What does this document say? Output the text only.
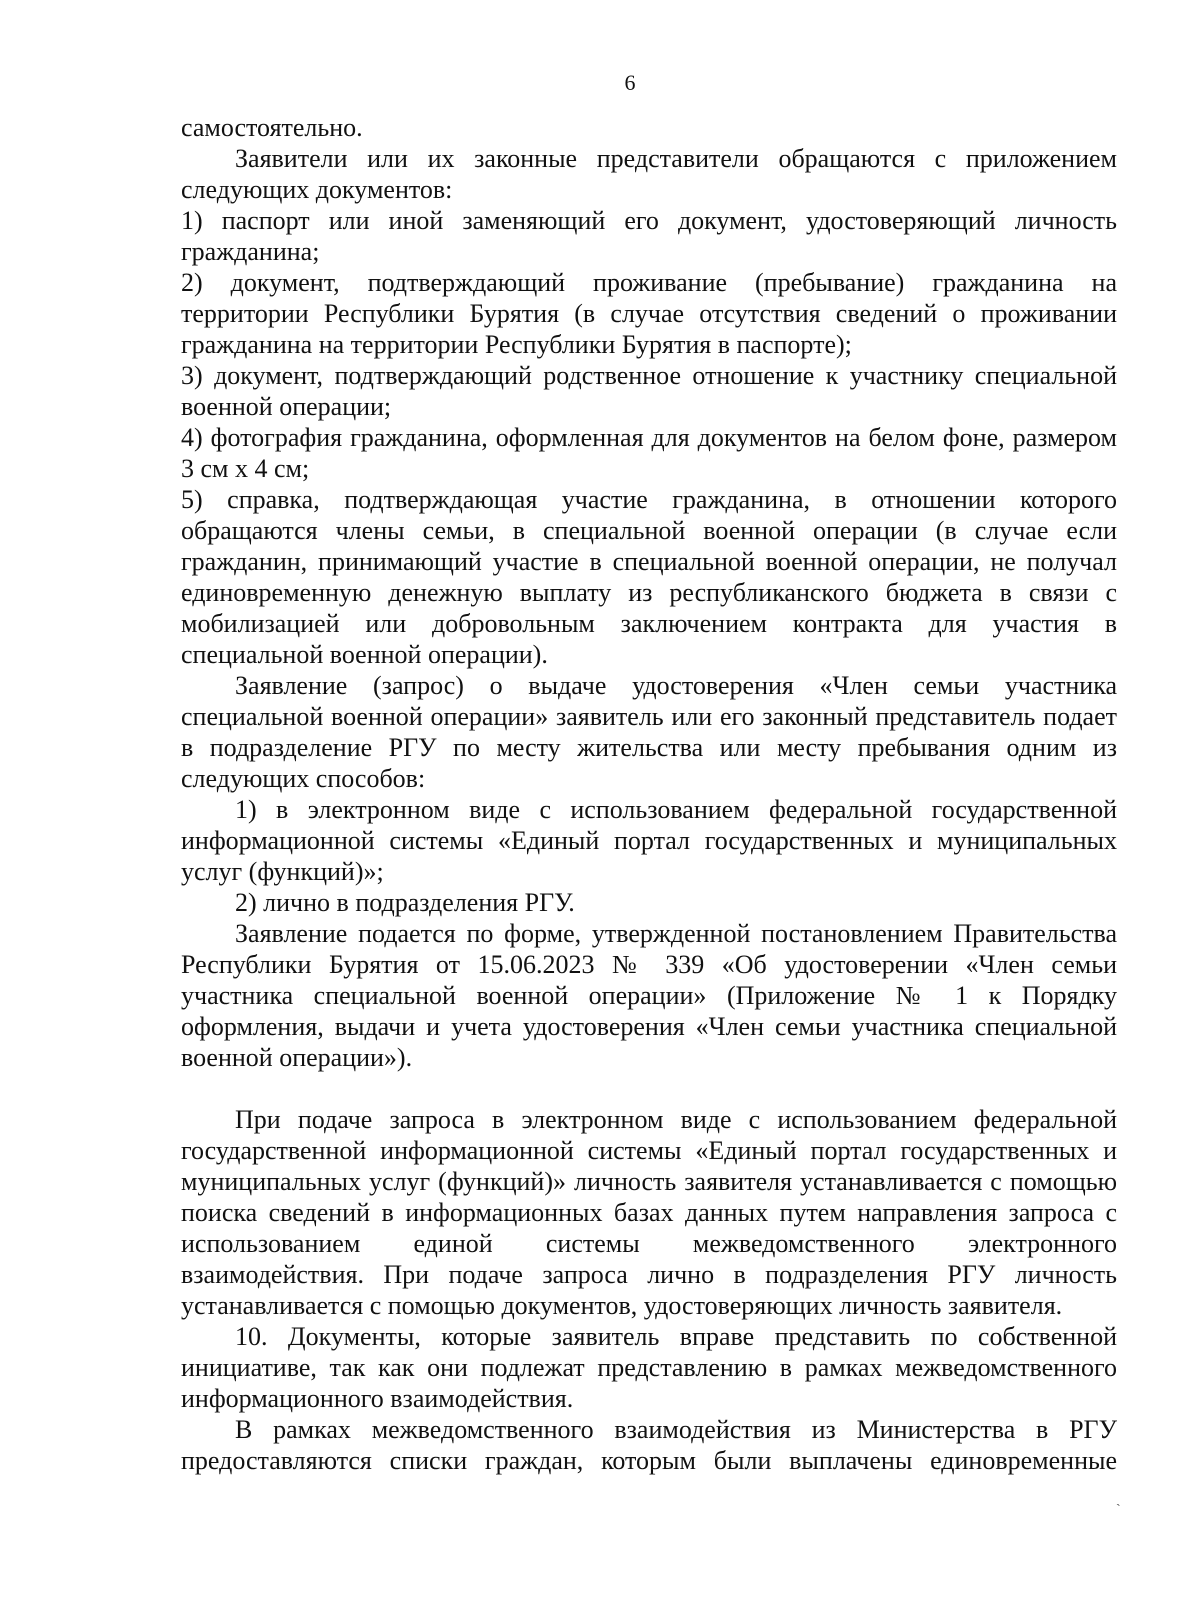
6

самостоятельно.

Заявители или их законные представители обращаются с приложением следующих документов:

1) паспорт или иной заменяющий его документ, удостоверяющий личность гражданина;

2) документ, подтверждающий проживание (пребывание) гражданина на территории Республики Бурятия (в случае отсутствия сведений о проживании гражданина на территории Республики Бурятия в паспорте);

3) документ, подтверждающий родственное отношение к участнику специальной военной операции;

4) фотография гражданина, оформленная для документов на белом фоне, размером 3 см х 4 см;

5) справка, подтверждающая участие гражданина, в отношении которого обращаются члены семьи, в специальной военной операции (в случае если гражданин, принимающий участие в специальной военной операции, не получал единовременную денежную выплату из республиканского бюджета в связи с мобилизацией или добровольным заключением контракта для участия в специальной военной операции).

Заявление (запрос) о выдаче удостоверения «Член семьи участника специальной военной операции» заявитель или его законный представитель подает в подразделение РГУ по месту жительства или месту пребывания одним из следующих способов:

1) в электронном виде с использованием федеральной государственной информационной системы «Единый портал государственных и муниципальных услуг (функций)»;

2) лично в подразделения РГУ.

Заявление подается по форме, утвержденной постановлением Правительства Республики Бурятия от 15.06.2023 № 339 «Об удостоверении «Член семьи участника специальной военной операции» (Приложение № 1 к Порядку оформления, выдачи и учета удостоверения «Член семьи участника специальной военной операции»).

При подаче запроса в электронном виде с использованием федеральной государственной информационной системы «Единый портал государственных и муниципальных услуг (функций)» личность заявителя устанавливается с помощью поиска сведений в информационных базах данных путем направления запроса с использованием единой системы межведомственного электронного взаимодействия. При подаче запроса лично в подразделения РГУ личность устанавливается с помощью документов, удостоверяющих личность заявителя.

10. Документы, которые заявитель вправе представить по собственной инициативе, так как они подлежат представлению в рамках межведомственного информационного взаимодействия.

В рамках межведомственного взаимодействия из Министерства в РГУ предоставляются списки граждан, которым были выплачены единовременные

ˏ
